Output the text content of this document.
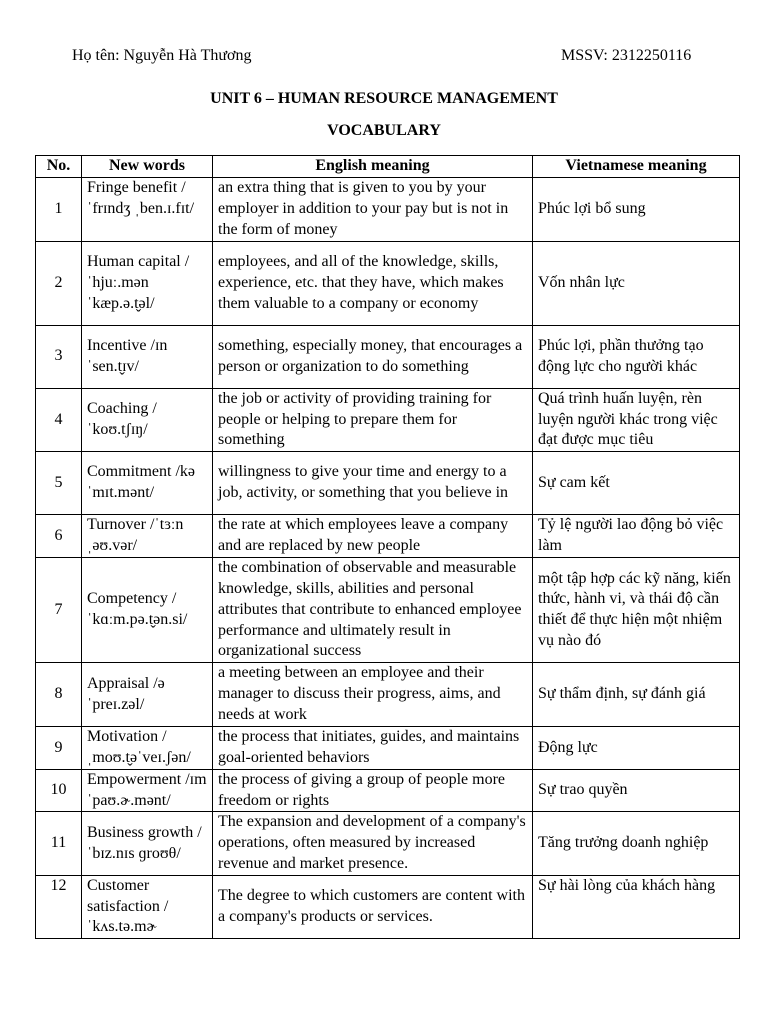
Họ tên: Nguyễn Hà Thương	MSSV: 2312250116
UNIT 6 – HUMAN RESOURCE MANAGEMENT
VOCABULARY
No.	New words	English meaning	Vietnamese meaning
1	Fringe benefit /ˈfrɪndʒ ˌben.ɪ.fɪt/	an extra thing that is given to you by your employer in addition to your pay but is not in the form of money	Phúc lợi bổ sung
2	Human capital /ˈhjuː.mən ˈkæp.ə.t̬əl/	employees, and all of the knowledge, skills, experience, etc. that they have, which makes them valuable to a company or economy	Vốn nhân lực
3	Incentive /ɪn ˈsen.t̬ɪv/	something, especially money, that encourages a person or organization to do something	Phúc lợi, phần thưởng tạo động lực cho người khác
4	Coaching /ˈkoʊ.tʃɪŋ/	the job or activity of providing training for people or helping to prepare them for something	Quá trình huấn luyện, rèn luyện người khác trong việc đạt được mục tiêu
5	Commitment /kə ˈmɪt.mənt/	willingness to give your time and energy to a job, activity, or something that you believe in	Sự cam kết
6	Turnover /ˈtɜːn ˌəʊ.vər/	the rate at which employees leave a company and are replaced by new people	Tỷ lệ người lao động bỏ việc làm
7	Competency /ˈkɑːm.pə.t̬ən.si/	the combination of observable and measurable knowledge, skills, abilities and personal attributes that contribute to enhanced employee performance and ultimately result in organizational success	một tập hợp các kỹ năng, kiến thức, hành vi, và thái độ cần thiết để thực hiện một nhiệm vụ nào đó
8	Appraisal /ə ˈpreɪ.zəl/	a meeting between an employee and their manager to discuss their progress, aims, and needs at work	Sự thẩm định, sự đánh giá
9	Motivation /ˌmoʊ.t̬əˈveɪ.ʃən/	the process that initiates, guides, and maintains goal-oriented behaviors	Động lực
10	Empowerment /ɪmˈpaʊ.ɚ.mənt/	the process of giving a group of people more freedom or rights	Sự trao quyền
11	Business growth /ˈbɪz.nɪs ɡroʊθ/	The expansion and development of a company's operations, often measured by increased revenue and market presence.	Tăng trưởng doanh nghiệp
12	Customer satisfaction /ˈkʌs.tə.mɚ	The degree to which customers are content with a company's products or services.	Sự hài lòng của khách hàng
